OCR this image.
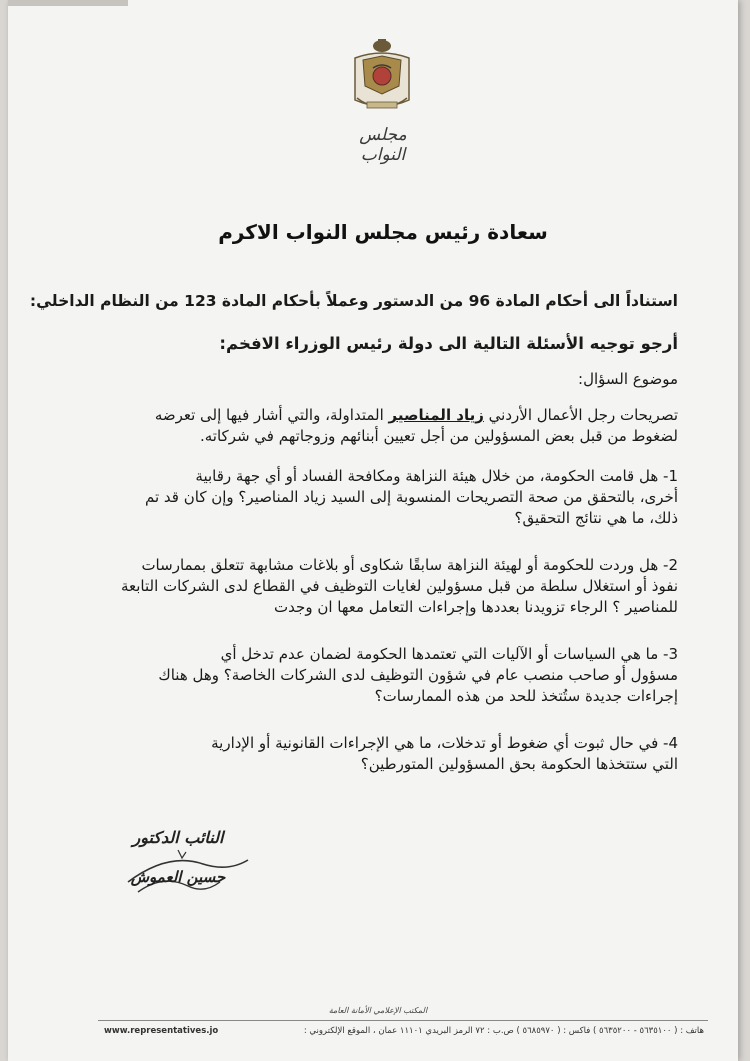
مجلس النواب
سعادة رئيس مجلس النواب الاكرم
استناداً الى أحكام المادة 96 من الدستور وعملاً بأحكام المادة 123 من النظام الداخلي:
أرجو توجيه الأسئلة التالية الى دولة رئيس الوزراء الافخم:
موضوع السؤال:

تصريحات رجل الأعمال الأردني زياد المناصير المتداولة، والتي أشار فيها إلى تعرضه

لضغوط من قبل بعض المسؤولين من أجل تعيين أبنائهم وزوجاتهم في شركاته.

1- هل قامت الحكومة، من خلال هيئة النزاهة ومكافحة الفساد أو أي جهة رقابية

أخرى، بالتحقق من صحة التصريحات المنسوبة إلى السيد زياد المناصير؟ وإن كان قد تم

ذلك، ما هي نتائج التحقيق؟

2- هل وردت للحكومة أو لهيئة النزاهة سابقًا شكاوى أو بلاغات مشابهة تتعلق بممارسات

نفوذ أو استغلال سلطة من قبل مسؤولين لغايات التوظيف في القطاع لدى الشركات التابعة

للمناصير ؟ الرجاء تزويدنا بعددها وإجراءات التعامل معها ان وجدت

3- ما هي السياسات أو الآليات التي تعتمدها الحكومة لضمان عدم تدخل أي

مسؤول أو صاحب منصب عام في شؤون التوظيف لدى الشركات الخاصة؟ وهل هناك

إجراءات جديدة ستُتخذ للحد من هذه الممارسات؟

4- في حال ثبوت أي ضغوط أو تدخلات، ما هي الإجراءات القانونية أو الإدارية

التي ستتخذها الحكومة بحق المسؤولين المتورطين؟

النائب الدكتور
حسين العموش
المكتب الإعلامي الأمانة العامة
هاتف : ( ٥٦٣٥١٠٠ - ٥٦٣٥٢٠٠ ) فاكس : ( ٥٦٨٥٩٧٠ ) ص.ب : ٧٢ الرمز البريدي ١١١٠١ عمان ، الموقع الإلكتروني :
www.representatives.jo
